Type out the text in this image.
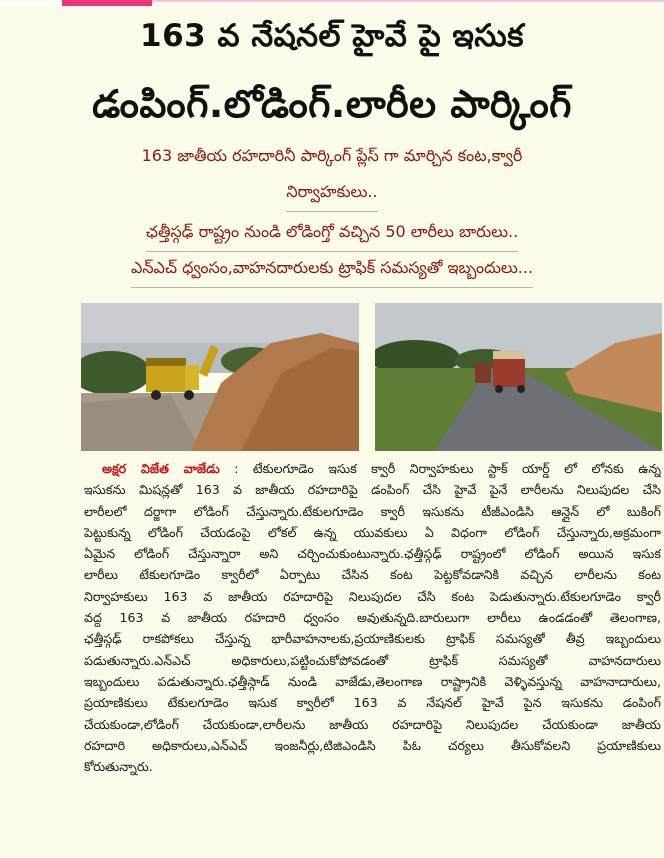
163 వ నేషనల్ హైవే పై ఇసుక
డంపింగ్.లోడింగ్.లారీల పార్కింగ్
163 జాతీయ రహదారినీ పార్కింగ్ ప్లేస్ గా మార్చిన కంట,క్వారీ
నిర్వాహకులు..
ఛత్తీస్గఢ్ రాష్ట్రం నుండి లోడింగ్తో వచ్చిన 50 లారీలు బారులు..
ఎన్ఎచ్ ధ్వంసం,వాహనదారులకు ట్రాఫిక్ సమస్యతో ఇబ్బందులు...
అక్షర విజేత వాజేడు : టేకులగూడెం ఇసుక క్వారీ నిర్వాహకులు స్టాక్ యార్డ్ లో లోనకు ఉన్న
ఇసుకను మిషన్లతో 163 వ జాతీయ రహదారిపై డంపింగ్ చేసి హైవే పైనే లారీలను నిలుపుదల చేసి
లారీలలో దర్జాగా లోడింగ్ చేస్తున్నారు.టేకులగూడెం క్వారీ ఇసుకను టీజీఎండిసి ఆన్లైన్ లో బుకింగ్
పెట్టుకున్న లోడింగ్ చేయడంపై లోకల్ ఉన్న యువకులు ఏ విధంగా లోడింగ్ చేస్తున్నారు,అక్రమంగా
ఏమైన లోడింగ్ చేస్తున్నారా అని చర్చించుకుంటున్నారు.ఛత్తీస్గఢ్ రాష్ట్రంలో లోడింగ్ అయిన ఇసుక
లారీలు టేకులగూడెం క్వారీలో ఏర్పాటు చేసిన కంట పెట్టకోవడానికి వచ్చిన లారీలను కంట
నిర్వాహకులు 163 వ జాతీయ రహదారిపై నిలుపుదల చేసి కంట పెడుతున్నారు.టేకులగూడెం క్వారీ
వద్ద 163 వ జాతీయ రహదారి ధ్వంసం అవుతున్నది.బారులుగా లారీలు ఉండడంతో తెలంగాణ,
ఛత్తీస్గఢ్ రాకపోకలు చేస్తున్న భారీవాహనాలకు,ప్రయాణికులకు ట్రాఫిక్ సమస్యతో తీవ్ర ఇబ్బందులు
పడుతున్నారు.ఎన్ఎచ్ అధికారులు,పట్టించుకోపోవడంతో ట్రాఫిక్ సమస్యతో వాహనదారులు
ఇబ్బందులు పడుతున్నారు.ఛత్తీస్గాడ్ నుండి వాజేడు,తెలంగాణ రాష్ట్రానికి వెళ్ళివస్తున్న వాహనాదారులు,
ప్రయాణికులు టేకులగూడెం ఇసుక క్వారీలో 163 వ నేషనల్ హైవే పైన ఇసుకను డంపింగ్
చేయకుండా,లోడింగ్ చేయకుండా,లారీలను జాతీయ రహదారిపై నిలుపుదల చేయకుండా జాతీయ
రహదారి అధికారులు,ఎన్ఎచ్ ఇంజనీర్లు,టిజిఎండిసి పిఓ చర్యలు తీసుకోవలని ప్రయాణికులు
కోరుతున్నారు.
